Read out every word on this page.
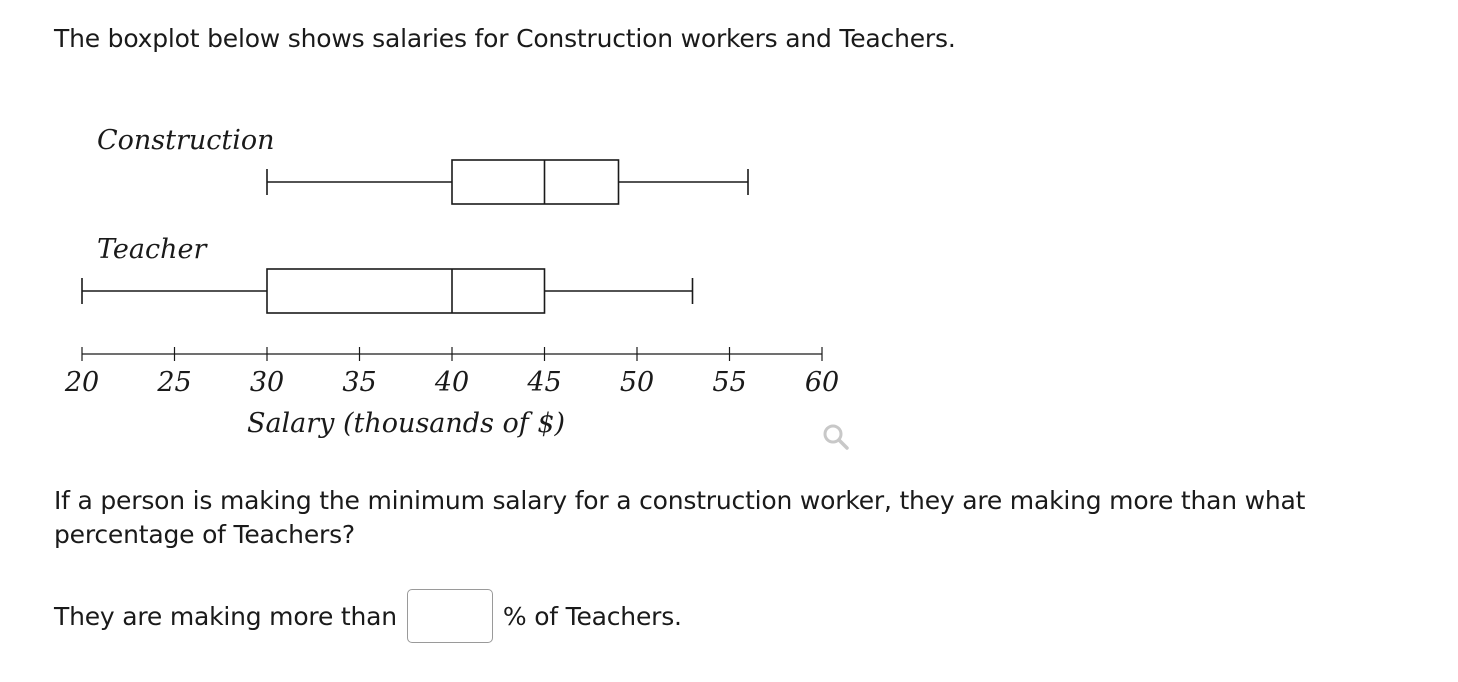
The boxplot below shows salaries for Construction workers and Teachers.
20 25 30 35 40 45 50 55 60
Salary (thousands of $)
Construction
Teacher
If a person is making the minimum salary for a construction worker, they are making more than what percentage of Teachers?
They are making more than	% of Teachers.
